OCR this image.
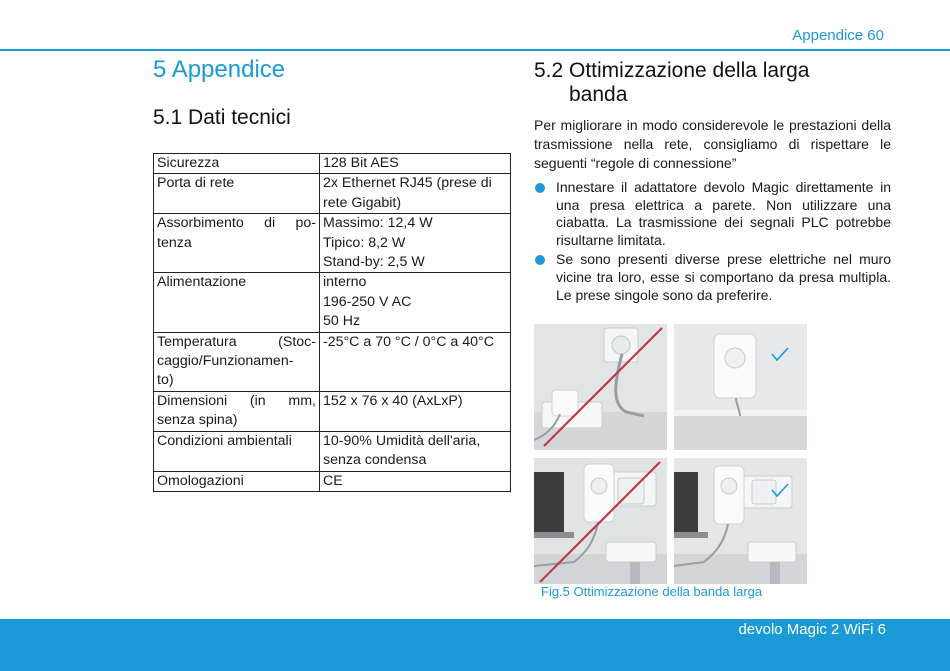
Appendice 60
5 Appendice
5.1 Dati tecnici
Sicurezza	128 Bit AES

Porta di rete	2x Ethernet RJ45 (prese di
rete Gigabit)

Assorbimento di po-
tenza	Massimo: 12,4 W
Tipico: 8,2 W
Stand-by: 2,5 W

Alimentazione	interno
196-250 V AC
50 Hz

Temperatura (Stoc-
caggio/Funzionamen-
to)	-25°C a 70 °C / 0°C a 40°C

Dimensioni (in mm,
senza spina)	152 x 76 x 40 (AxLxP)

Condizioni ambientali	10-90% Umidità dell'aria,
senza condensa

Omologazioni	CE
5.2 Ottimizzazione della larga
banda
Per migliorare in modo considerevole le prestazioni della trasmissione nella rete, consigliamo di rispettare le seguenti “regole di connessione”
Innestare il adattatore devolo Magic direttamente in una presa elettrica a parete. Non utilizzare una ciabatta. La trasmissione dei segnali PLC potrebbe risultarne limitata.
Se sono presenti diverse prese elettriche nel muro vicine tra loro, esse si comportano da presa multipla. Le prese singole sono da preferire.
Fig.5 Ottimizzazione della banda larga
devolo Magic 2 WiFi 6
